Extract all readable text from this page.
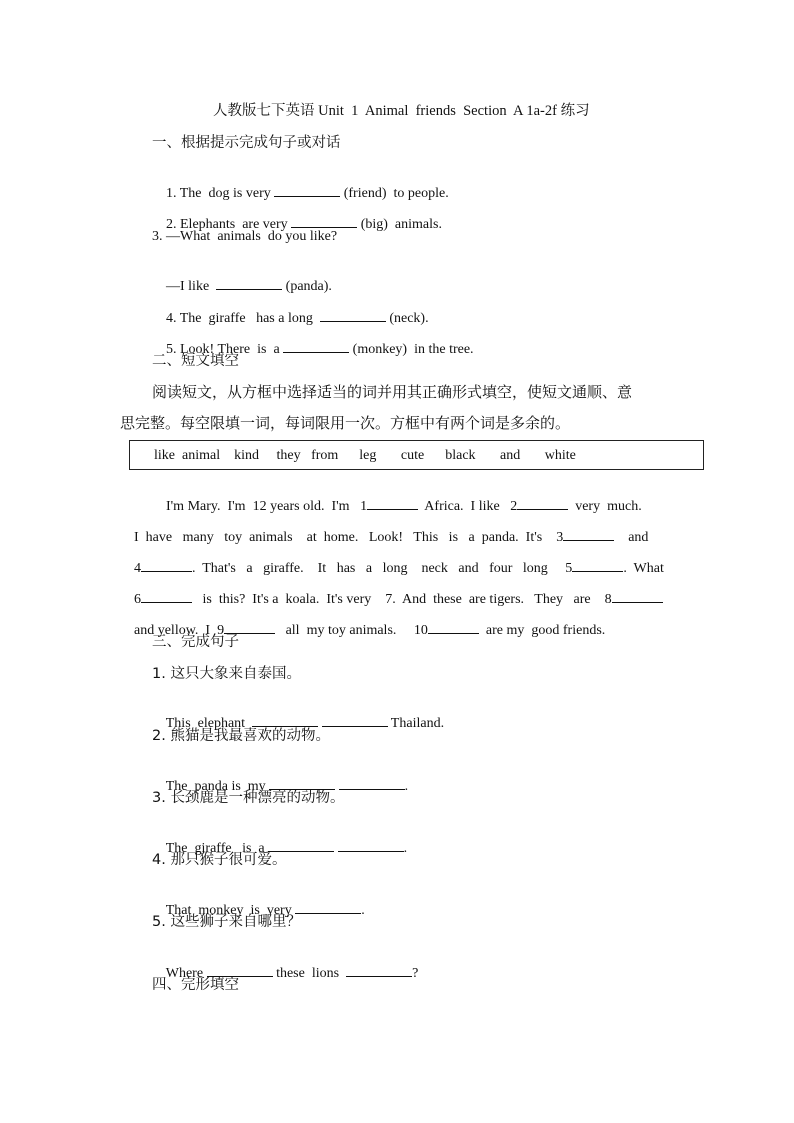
人教版七下英语 Unit  1  Animal  friends  Section  A 1a-2f 练习
一、根据提示完成句子或对话

1. The  dog is very	(friend)  to people.

2. Elephants  are very	(big)  animals.

3. —What  animals  do you like?

—I like	(panda).

4. The  giraffe   has a long	(neck).

5. Look! There  is  a	(monkey)  in the tree.

二、短文填空
阅读短文，从方框中选择适当的词并用其正确形式填空，使短文通顺、意
思完整。每空限填一词，每词限用一次。方框中有两个词是多余的。
like  animal    kind     they   from      leg       cute      black       and       white

I'm Mary.  I'm  12 years old.  I'm   1	Africa.  I like   2	very  much.

I  have   many   toy  animals    at  home.   Look!   This   is   a  panda.  It's    3	and

4	.  That's   a   giraffe.    It   has   a   long    neck   and   four   long     5	.  What

6	is  this?  It's a  koala.  It's very    7.  And  these  are tigers.   They   are    8

and yellow.  I  9	all  my toy animals.     10	are my  good friends.

三、完成句子
1. 这只大象来自泰国。

This  elephant	Thailand.

2. 熊猫是我最喜欢的动物。

The  panda is  my	.

3. 长颈鹿是一种漂亮的动物。

The  giraffe   is  a	.

4. 那只猴子很可爱。

That  monkey  is  very	.

5. 这些狮子来自哪里？

Where	these  lions	?

四、完形填空
